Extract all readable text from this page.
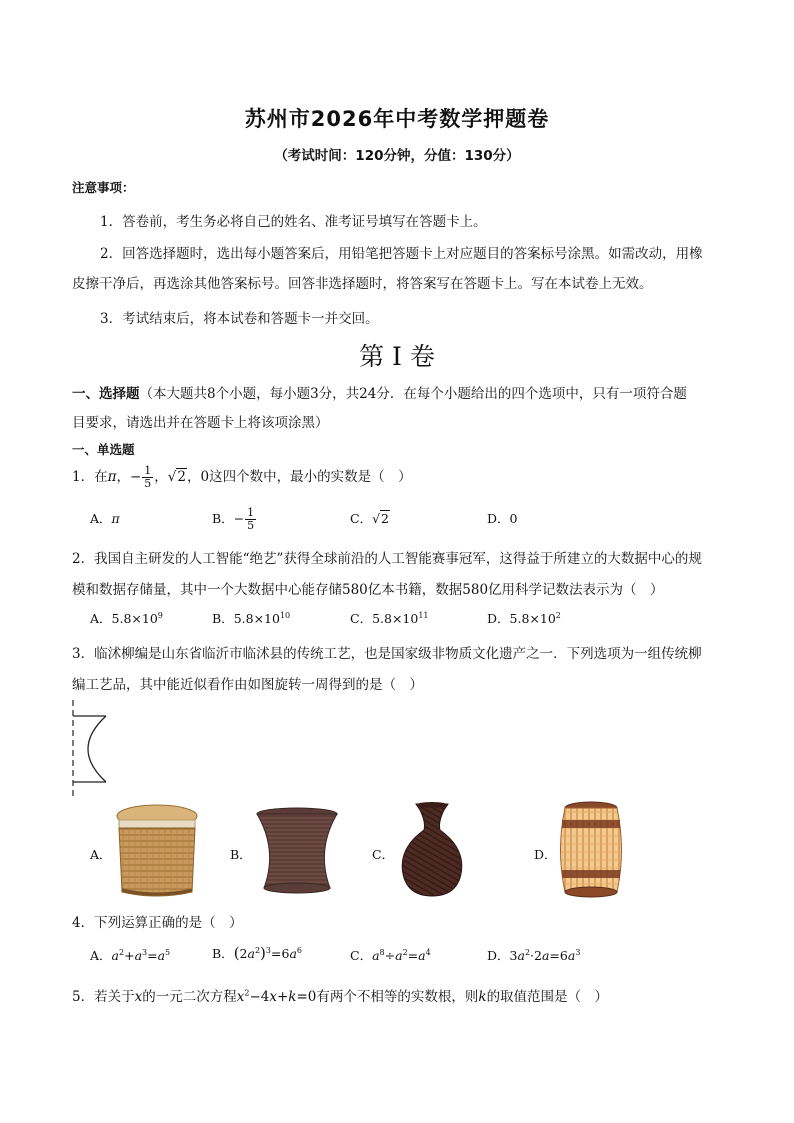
苏州市2026年中考数学押题卷
（考试时间：120分钟，分值：130分）
注意事项：
1．答卷前，考生务必将自己的姓名、准考证号填写在答题卡上。
2．回答选择题时，选出每小题答案后，用铅笔把答题卡上对应题目的答案标号涂黑。如需改动，用橡
皮擦干净后，再选涂其他答案标号。回答非选择题时，将答案写在答题卡上。写在本试卷上无效。
3．考试结束后，将本试卷和答题卡一并交回。
第 I 卷
一、选择题（本大题共8个小题，每小题3分，共24分．在每个小题给出的四个选项中，只有一项符合题
目要求，请选出并在答题卡上将该项涂黑）
一、单选题
1．在π，− $\frac{1}{5}$ ，√2，0这四个数中，最小的实数是（　）
A．π	B．− $\frac{1}{5}$	C．√2	D．0
2．我国自主研发的人工智能“绝艺”获得全球前沿的人工智能赛事冠军，这得益于所建立的大数据中心的规
模和数据存储量，其中一个大数据中心能存储580亿本书籍，数据580亿用科学记数法表示为（　）
A．$5.8\times 10^9$	B．$5.8\times 10^{10}$	C．$5.8\times 10^{11}$	D．$5.8\times 10^2$
3．临沭柳编是山东省临沂市临沭县的传统工艺，也是国家级非物质文化遗产之一．下列选项为一组传统柳
编工艺品，其中能近似看作由如图旋转一周得到的是（　）
A．	B．	C．	D．
4．下列运算正确的是（　）
A．$a^2+a^3=a^5$	B．$(2a^2)^3=6a^6$	C．$a^8\div a^2=a^4$	D．$3a^2\cdot 2a=6a^3$
5．若关于x的一元二次方程$x^2-4x+k=0$有两个不相等的实数根，则k的取值范围是（　）
